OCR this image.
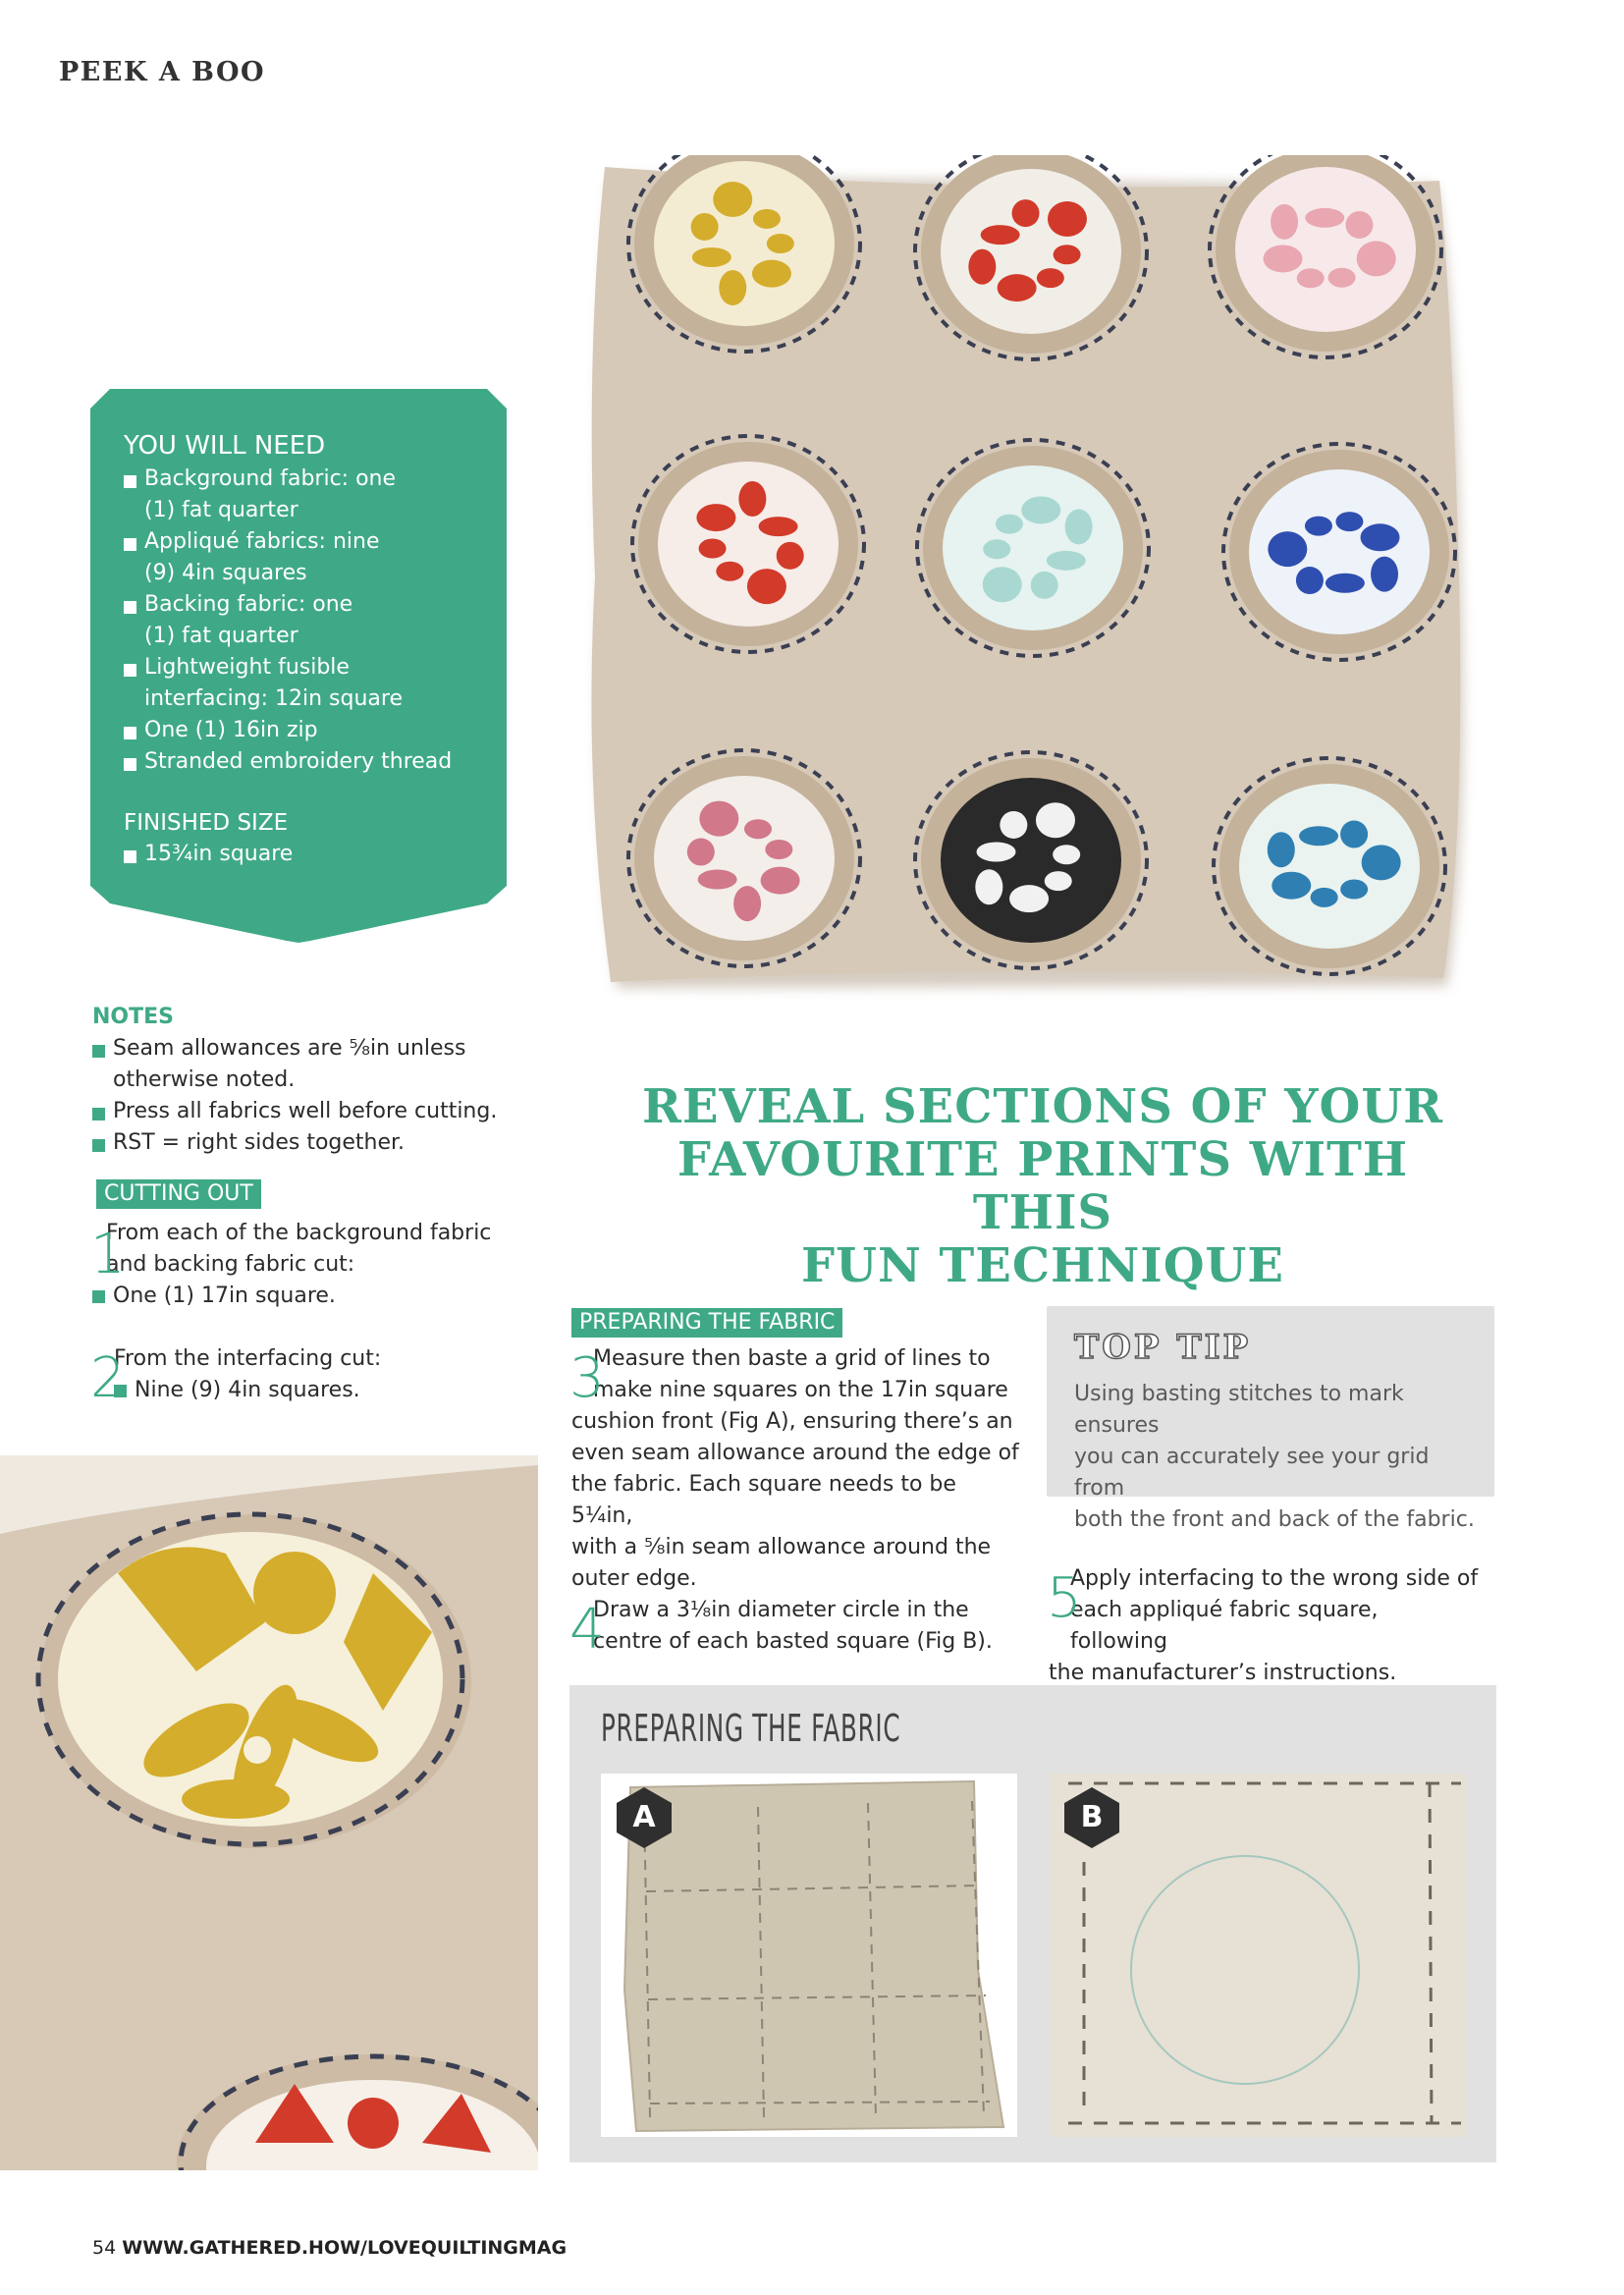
PEEK A BOO
YOU WILL NEED
Background fabric: one
(1) fat quarter
Appliqué fabrics: nine
(9) 4in squares
Backing fabric: one
(1) fat quarter
Lightweight fusible
interfacing: 12in square
One (1) 16in zip
Stranded embroidery thread
FINISHED SIZE
15¾in square
NOTES
Seam allowances are ⁵⁄₈in unless
otherwise noted.
Press all fabrics well before cutting.
RST = right sides together.
CUTTING OUT
1
From each of the background fabric
and backing fabric cut:
One (1) 17in square.
2
From the interfacing cut:
Nine (9) 4in squares.
REVEAL SECTIONS OF YOUR
FAVOURITE PRINTS WITH THIS
FUN TECHNIQUE
PREPARING THE FABRIC
3
Measure then baste a grid of lines to
make nine squares on the 17in square
cushion front (Fig A), ensuring there’s an
even seam allowance around the edge of
the fabric. Each square needs to be 5¼in,
with a ⁵⁄₈in seam allowance around the
outer edge.
4
Draw a 3¹⁄₈in diameter circle in the
centre of each basted square (Fig B).
5
Apply interfacing to the wrong side of
each appliqué fabric square, following
the manufacturer’s instructions.
TOP TIP
Using basting stitches to mark ensures
you can accurately see your grid from
both the front and back of the fabric.
PREPARING THE FABRIC
A	B
54 WWW.GATHERED.HOW/LOVEQUILTINGMAG
